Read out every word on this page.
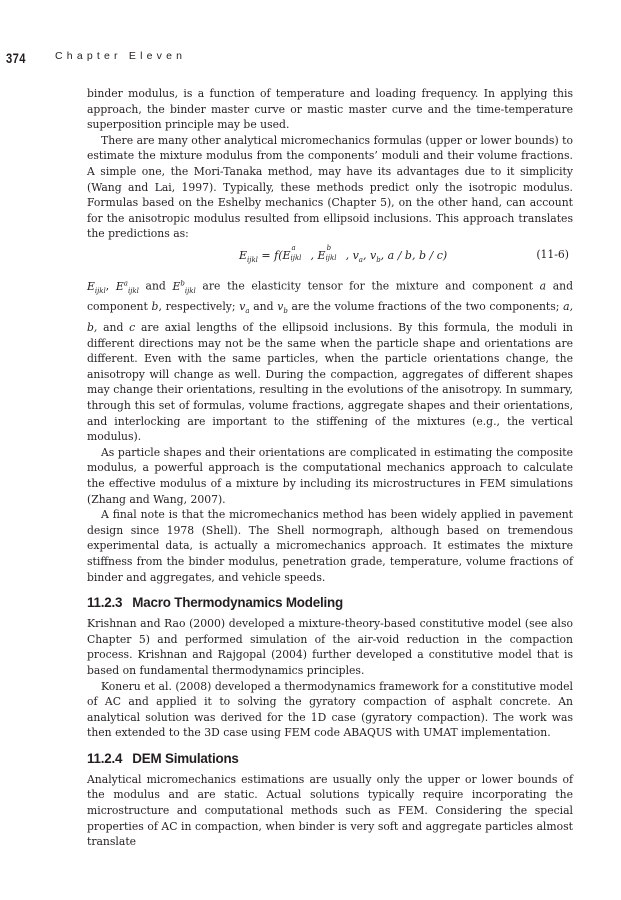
374	Chapter Eleven

binder modulus, is a function of temperature and loading frequency. In applying this approach, the binder master curve or mastic master curve and the time-temperature superposition principle may be used.

There are many other analytical micromechanics formulas (upper or lower bounds) to estimate the mixture modulus from the components’ moduli and their volume fractions. A simple one, the Mori-Tanaka method, may have its advantages due to it simplicity (Wang and Lai, 1997). Typically, these methods predict only the isotropic modulus. Formulas based on the Eshelby mechanics (Chapter 5), on the other hand, can account for the anisotropic modulus resulted from ellipsoid inclusions. This approach translates the predictions as:

$E_{ijkl} = f(E$
a
ijkl , E
b
ijkl , $v_a$, $v_b$, a / b, b / c)	(11-6)

$E_{ijkl}$, $E^a_{ijkl}$ and $E^b_{ijkl}$ are the elasticity tensor for the mixture and component a and component b, respectively; $v_a$ and $v_b$ are the volume fractions of the two components; a, b, and c are axial lengths of the ellipsoid inclusions. By this formula, the moduli in different directions may not be the same when the particle shape and orientations are different. Even with the same particles, when the particle orientations change, the anisotropy will change as well. During the compaction, aggregates of different shapes may change their orientations, resulting in the evolutions of the anisotropy. In summary, through this set of formulas, volume fractions, aggregate shapes and their orientations, and interlocking are important to the stiffening of the mixtures (e.g., the vertical modulus).

As particle shapes and their orientations are complicated in estimating the composite modulus, a powerful approach is the computational mechanics approach to calculate the effective modulus of a mixture by including its microstructures in FEM simulations (Zhang and Wang, 2007).

A final note is that the micromechanics method has been widely applied in pavement design since 1978 (Shell). The Shell normograph, although based on tremendous experimental data, is actually a micromechanics approach. It estimates the mixture stiffness from the binder modulus, penetration grade, temperature, volume fractions of binder and aggregates, and vehicle speeds.

11.2.3 Macro Thermodynamics Modeling

Krishnan and Rao (2000) developed a mixture-theory-based constitutive model (see also Chapter 5) and performed simulation of the air-void reduction in the compaction process. Krishnan and Rajgopal (2004) further developed a constitutive model that is based on fundamental thermodynamics principles.

Koneru et al. (2008) developed a thermodynamics framework for a constitutive model of AC and applied it to solving the gyratory compaction of asphalt concrete. An analytical solution was derived for the 1D case (gyratory compaction). The work was then extended to the 3D case using FEM code ABAQUS with UMAT implementation.

11.2.4 DEM Simulations

Analytical micromechanics estimations are usually only the upper or lower bounds of the modulus and are static. Actual solutions typically require incorporating the microstructure and computational methods such as FEM. Considering the special properties of AC in compaction, when binder is very soft and aggregate particles almost translate
